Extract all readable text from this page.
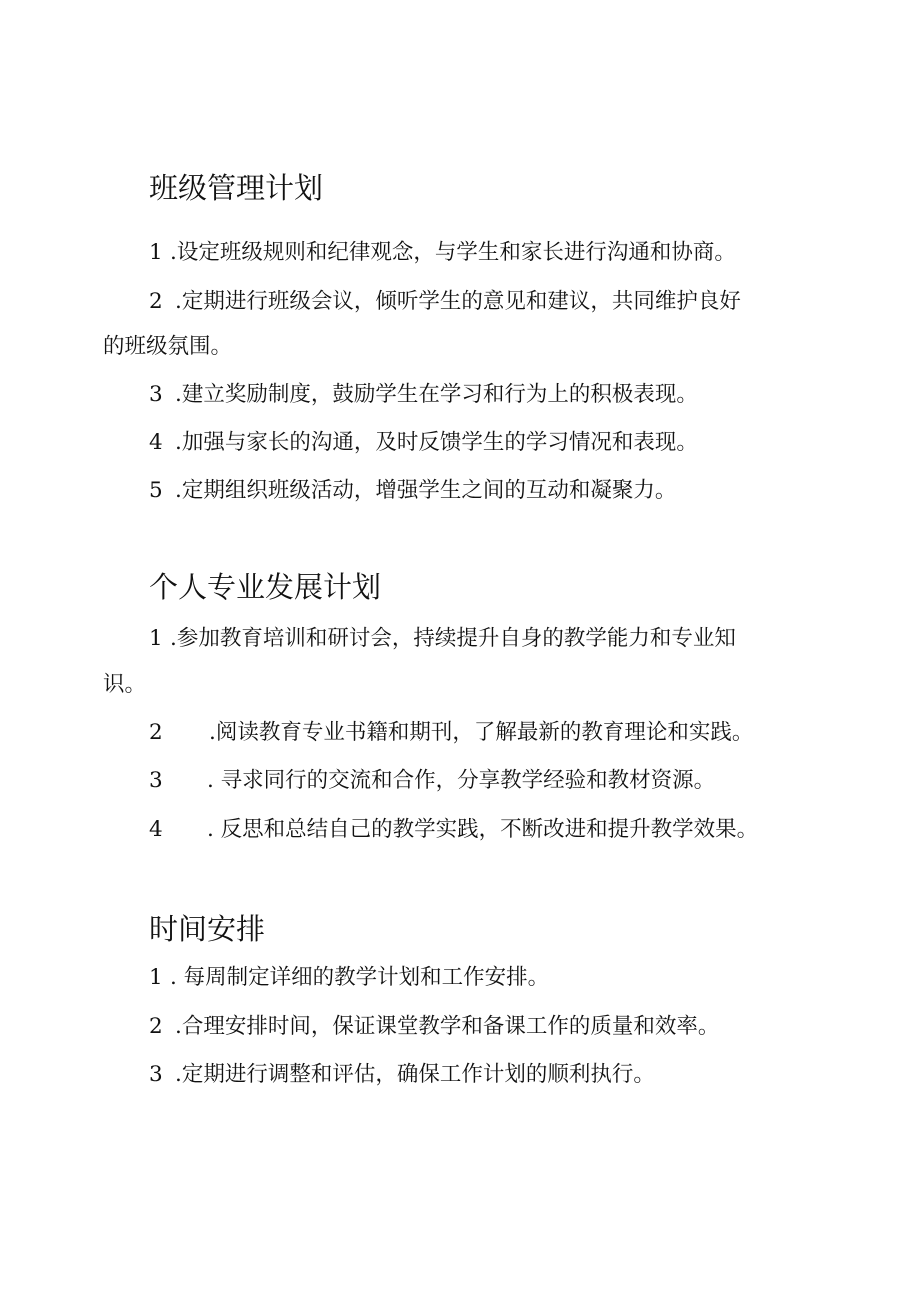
班级管理计划
1 .设定班级规则和纪律观念，与学生和家长进行沟通和协商。
2 .定期进行班级会议，倾听学生的意见和建议，共同维护良好
的班级氛围。
3 .建立奖励制度，鼓励学生在学习和行为上的积极表现。
4 .加强与家长的沟通，及时反馈学生的学习情况和表现。
5 .定期组织班级活动，增强学生之间的互动和凝聚力。
个人专业发展计划
1 .参加教育培训和研讨会，持续提升自身的教学能力和专业知
识。
2 .阅读教育专业书籍和期刊，了解最新的教育理论和实践。
3 . 寻求同行的交流和合作，分享教学经验和教材资源。
4 . 反思和总结自己的教学实践，不断改进和提升教学效果。
时间安排
1 . 每周制定详细的教学计划和工作安排。
2 .合理安排时间，保证课堂教学和备课工作的质量和效率。
3 .定期进行调整和评估，确保工作计划的顺利执行。
